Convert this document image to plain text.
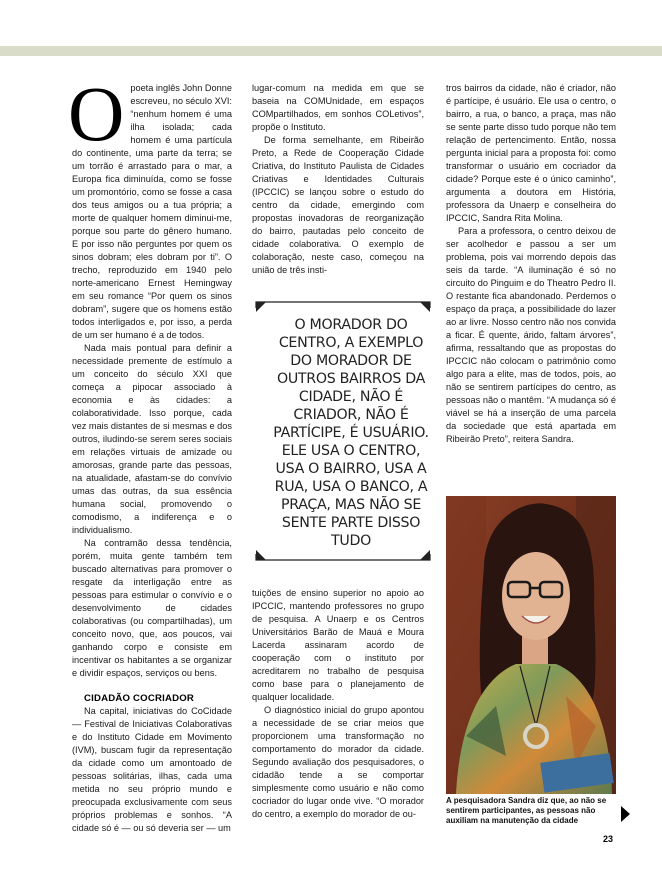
O poeta inglês John Donne escreveu, no século XVI: “nenhum homem é uma ilha isolada; cada homem é uma partícula do continente, uma parte da terra; se um torrão é arrastado para o mar, a Europa fica diminuída, como se fosse um promontório, como se fosse a casa dos teus amigos ou a tua própria; a morte de qualquer homem diminui-me, porque sou parte do gênero humano. E por isso não perguntes por quem os sinos dobram; eles dobram por ti”. O trecho, reproduzido em 1940 pelo norte-americano Ernest Hemingway em seu romance “Por quem os sinos dobram”, sugere que os homens estão todos interligados e, por isso, a perda de um ser humano é a de todos.

Nada mais pontual para definir a necessidade premente de estímulo a um conceito do século XXI que começa a pipocar associado à economia e às cidades: a colaboratividade. Isso porque, cada vez mais distantes de si mesmas e dos outros, iludindo-se serem seres sociais em relações virtuais de amizade ou amorosas, grande parte das pessoas, na atualidade, afastam-se do convívio umas das outras, da sua essência humana social, promovendo o comodismo, a indiferença e o individualismo.

Na contramão dessa tendência, porém, muita gente também tem buscado alternativas para promover o resgate da interligação entre as pessoas para estimular o convívio e o desenvolvimento de cidades colaborativas (ou compartilhadas), um conceito novo, que, aos poucos, vai ganhando corpo e consiste em incentivar os habitantes a se organizar e dividir espaços, serviços ou bens.

CIDADÃO COCRIADOR

Na capital, iniciativas do CoCidade — Festival de Iniciativas Colaborativas e do Instituto Cidade em Movimento (IVM), buscam fugir da representação da cidade como um amontoado de pessoas solitárias, ilhas, cada uma metida no seu próprio mundo e preocupada exclusivamente com seus próprios problemas e sonhos. “A cidade só é — ou só deveria ser — um

lugar-comum na medida em que se baseia na COMUnidade, em espaços COMpartilhados, em sonhos COLetivos”, propõe o Instituto.

De forma semelhante, em Ribeirão Preto, a Rede de Cooperação Cidade Criativa, do Instituto Paulista de Cidades Criativas e Identidades Culturais (IPCCIC) se lançou sobre o estudo do centro da cidade, emergindo com propostas inovadoras de reorganização do bairro, pautadas pelo conceito de cidade colaborativa. O exemplo de colaboração, neste caso, começou na união de três insti-

O MORADOR DO CENTRO, A EXEMPLO DO MORADOR DE OUTROS BAIRROS DA CIDADE, NÃO É CRIADOR, NÃO É PARTÍCIPE, É USUÁRIO. ELE USA O CENTRO, USA O BAIRRO, USA A RUA, USA O BANCO, A PRAÇA, MAS NÃO SE SENTE PARTE DISSO TUDO

tuições de ensino superior no apoio ao IPCCIC, mantendo professores no grupo de pesquisa. A Unaerp e os Centros Universitários Barão de Mauá e Moura Lacerda assinaram acordo de cooperação com o instituto por acreditarem no trabalho de pesquisa como base para o planejamento de qualquer localidade.

O diagnóstico inicial do grupo apontou a necessidade de se criar meios que proporcionem uma transformação no comportamento do morador da cidade. Segundo avaliação dos pesquisadores, o cidadão tende a se comportar simplesmente como usuário e não como cocriador do lugar onde vive. “O morador do centro, a exemplo do morador de ou-

tros bairros da cidade, não é criador, não é partícipe, é usuário. Ele usa o centro, o bairro, a rua, o banco, a praça, mas não se sente parte disso tudo porque não tem relação de pertencimento. Então, nossa pergunta inicial para a proposta foi: como transformar o usuário em cocriador da cidade? Porque este é o único caminho”, argumenta a doutora em História, professora da Unaerp e conselheira do IPCCIC, Sandra Rita Molina.

Para a professora, o centro deixou de ser acolhedor e passou a ser um problema, pois vai morrendo depois das seis da tarde. “A iluminação é só no circuito do Pinguim e do Theatro Pedro II. O restante fica abandonado. Perdemos o espaço da praça, a possibilidade do lazer ao ar livre. Nosso centro não nos convida a ficar. É quente, árido, faltam árvores”, afirma, ressaltando que as propostas do IPCCIC não colocam o patrimônio como algo para a elite, mas de todos, pois, ao não se sentirem partícipes do centro, as pessoas não o mantêm. “A mudança só é viável se há a inserção de uma parcela da sociedade que está apartada em Ribeirão Preto”, reitera Sandra.

A pesquisadora Sandra diz que, ao não se sentirem participantes, as pessoas não auxiliam na manutenção da cidade
23
